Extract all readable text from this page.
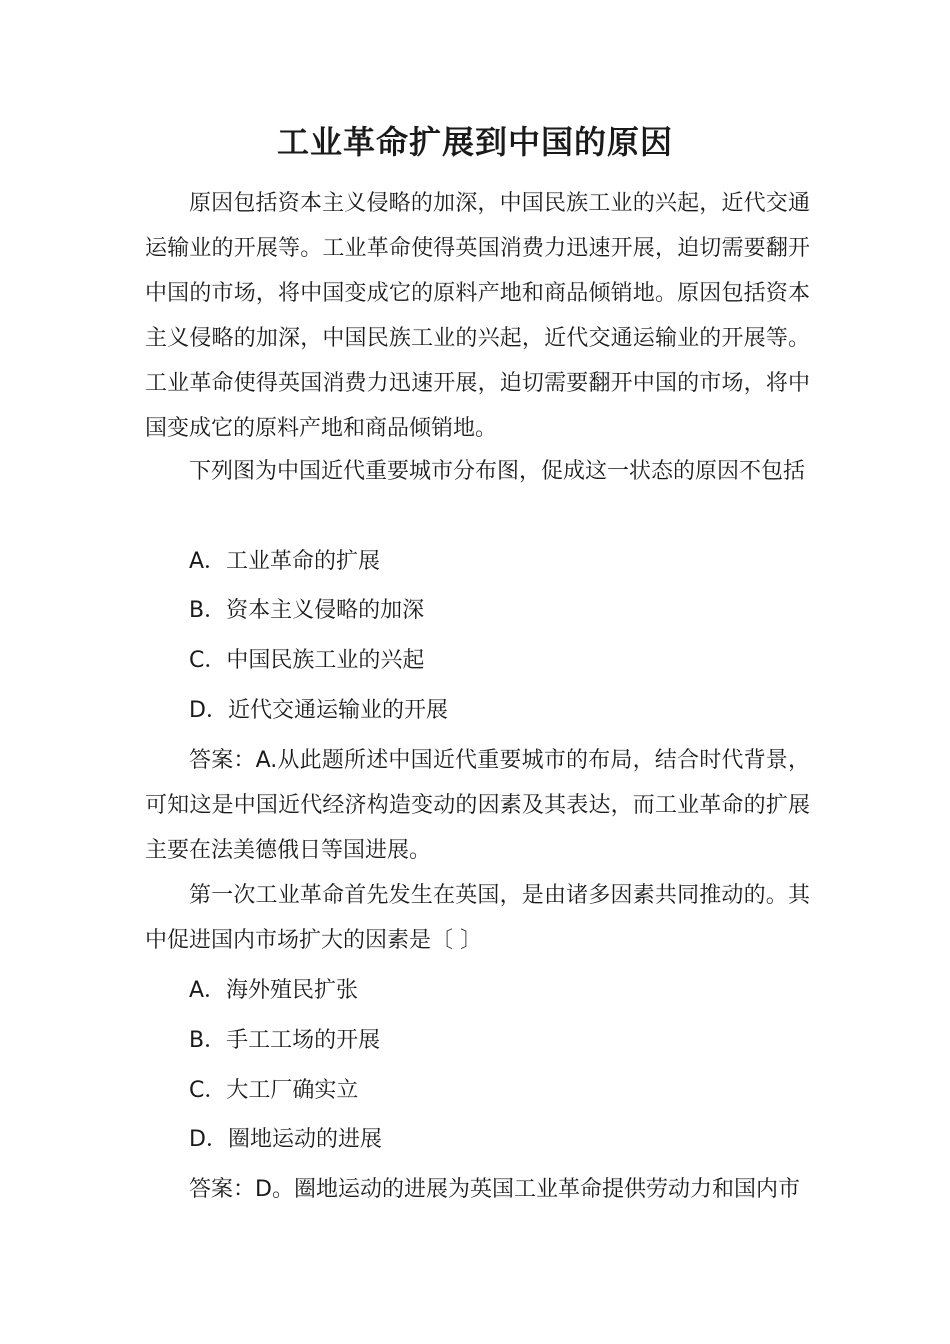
工业革命扩展到中国的原因

原因包括资本主义侵略的加深，中国民族工业的兴起，近代交通运输业的开展等。工业革命使得英国消费力迅速开展，迫切需要翻开中国的市场，将中国变成它的原料产地和商品倾销地。原因包括资本主义侵略的加深，中国民族工业的兴起，近代交通运输业的开展等。工业革命使得英国消费力迅速开展，迫切需要翻开中国的市场，将中国变成它的原料产地和商品倾销地。

下列图为中国近代重要城市分布图，促成这一状态的原因不包括

A．工业革命的扩展

B．资本主义侵略的加深

C．中国民族工业的兴起

D．近代交通运输业的开展

答案：A.从此题所述中国近代重要城市的布局，结合时代背景，可知这是中国近代经济构造变动的因素及其表达，而工业革命的扩展主要在法美德俄日等国进展。

第一次工业革命首先发生在英国，是由诸多因素共同推动的。其中促进国内市场扩大的因素是〔 〕

A．海外殖民扩张

B．手工工场的开展

C．大工厂确实立

D．圈地运动的进展

答案：D。圈地运动的进展为英国工业革命提供劳动力和国内市
